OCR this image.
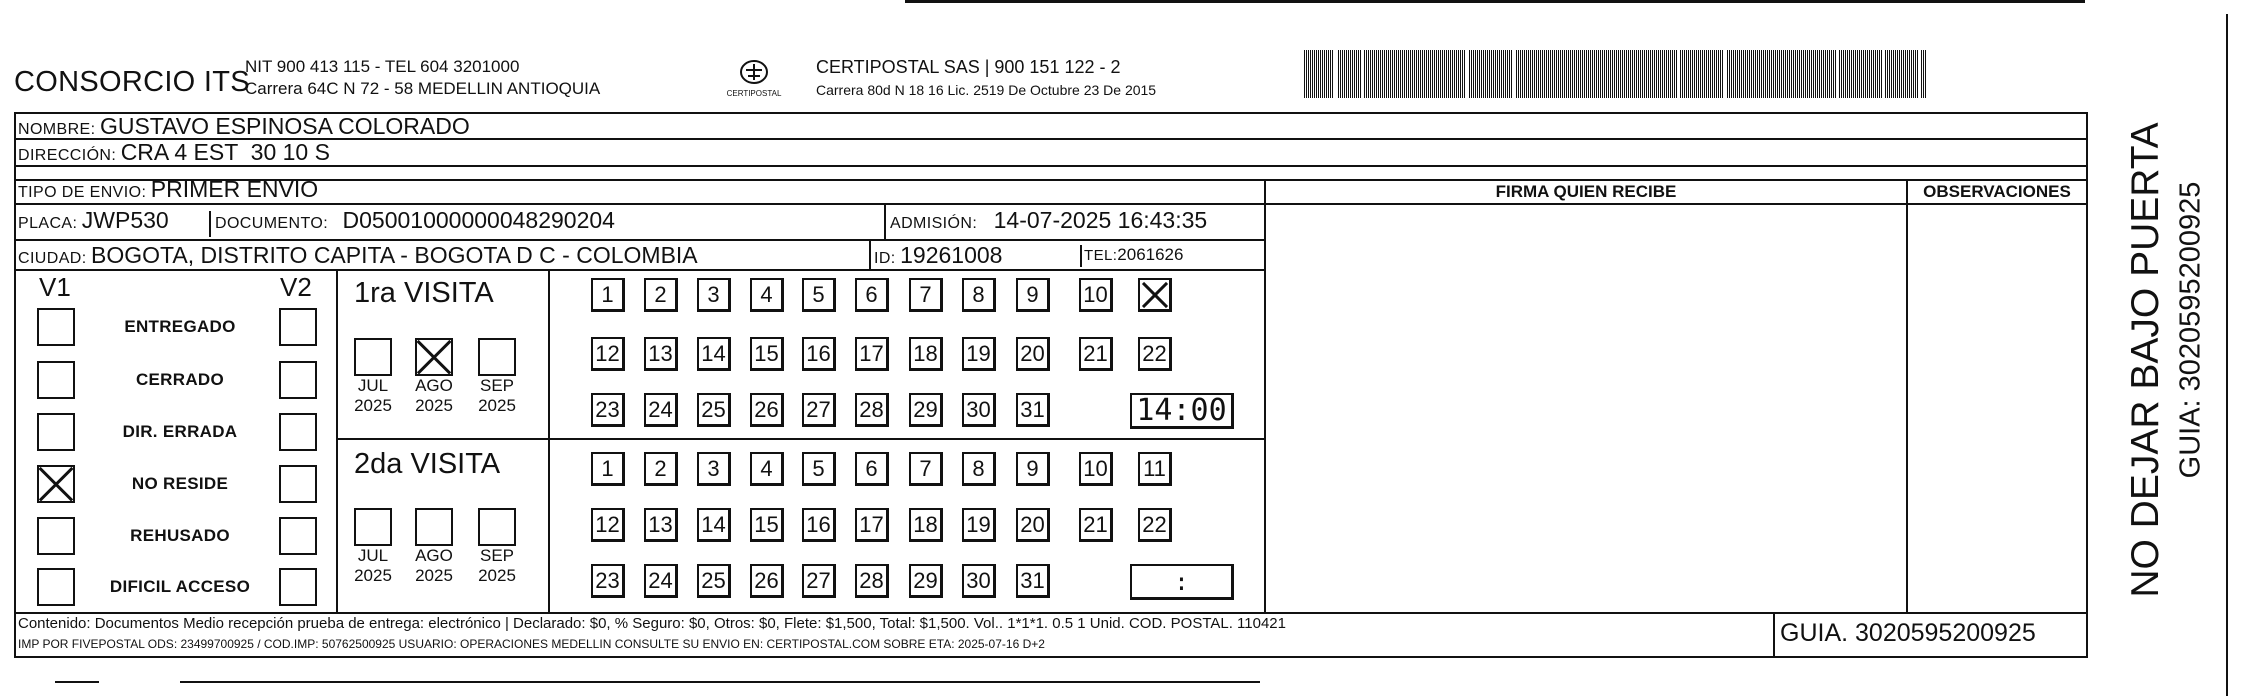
CONSORCIO ITS
NIT 900 413 115 - TEL 604 3201000
Carrera 64C N 72 - 58 MEDELLIN ANTIOQUIA	CERTIPOSTAL
CERTIPOSTAL SAS | 900 151 122 - 2
Carrera 80d N 18 16 Lic. 2519 De Octubre 23 De 2015
NOMBRE: GUSTAVO ESPINOSA COLORADO
DIRECCIÓN: CRA 4 EST  30 10 S
TIPO DE ENVIO: PRIMER ENVIO
PLACA: JWP530	DOCUMENTO: D05001000000048290204	ADMISIÓN: 14-07-2025 16:43:35
CIUDAD: BOGOTA, DISTRITO CAPITA - BOGOTA D C - COLOMBIA	ID: 19261008	TEL:2061626
FIRMA QUIEN RECIBE	OBSERVACIONES
V1	V2 1ra VISITA
2da VISITA
Contenido: Documentos Medio recepción prueba de entrega: electrónico | Declarado: $0, % Seguro: $0, Otros: $0, Flete: $1,500, Total: $1,500. Vol.. 1*1*1. 0.5 1 Unid. COD. POSTAL. 110421
IMP POR FIVEPOSTAL ODS: 23499700925 / COD.IMP: 50762500925 USUARIO: OPERACIONES MEDELLIN CONSULTE SU ENVIO EN: CERTIPOSTAL.COM SOBRE ETA: 2025-07-16 D+2	GUIA. 3020595200925
NO DEJAR BAJO PUERTA GUIA: 3020595200925
ENTREGADO
CERRADO
DIR. ERRADA
NO RESIDE
REHUSADO
DIFICIL ACCESO
JUL
2025
AGO
2025
SEP
2025
JUL
2025
AGO
2025
SEP
2025
1	2	3	4	5	6	7	8	9	10
12 13 14 15 16 17 18 19 20 21 22
23 24 25 26 27 28 29 30 31	14:00
1	2	3	4	5	6	7	8	9	10 11
12 13 14 15 16 17 18 19 20 21 22
23 24 25 26 27 28 29 30 31	:
